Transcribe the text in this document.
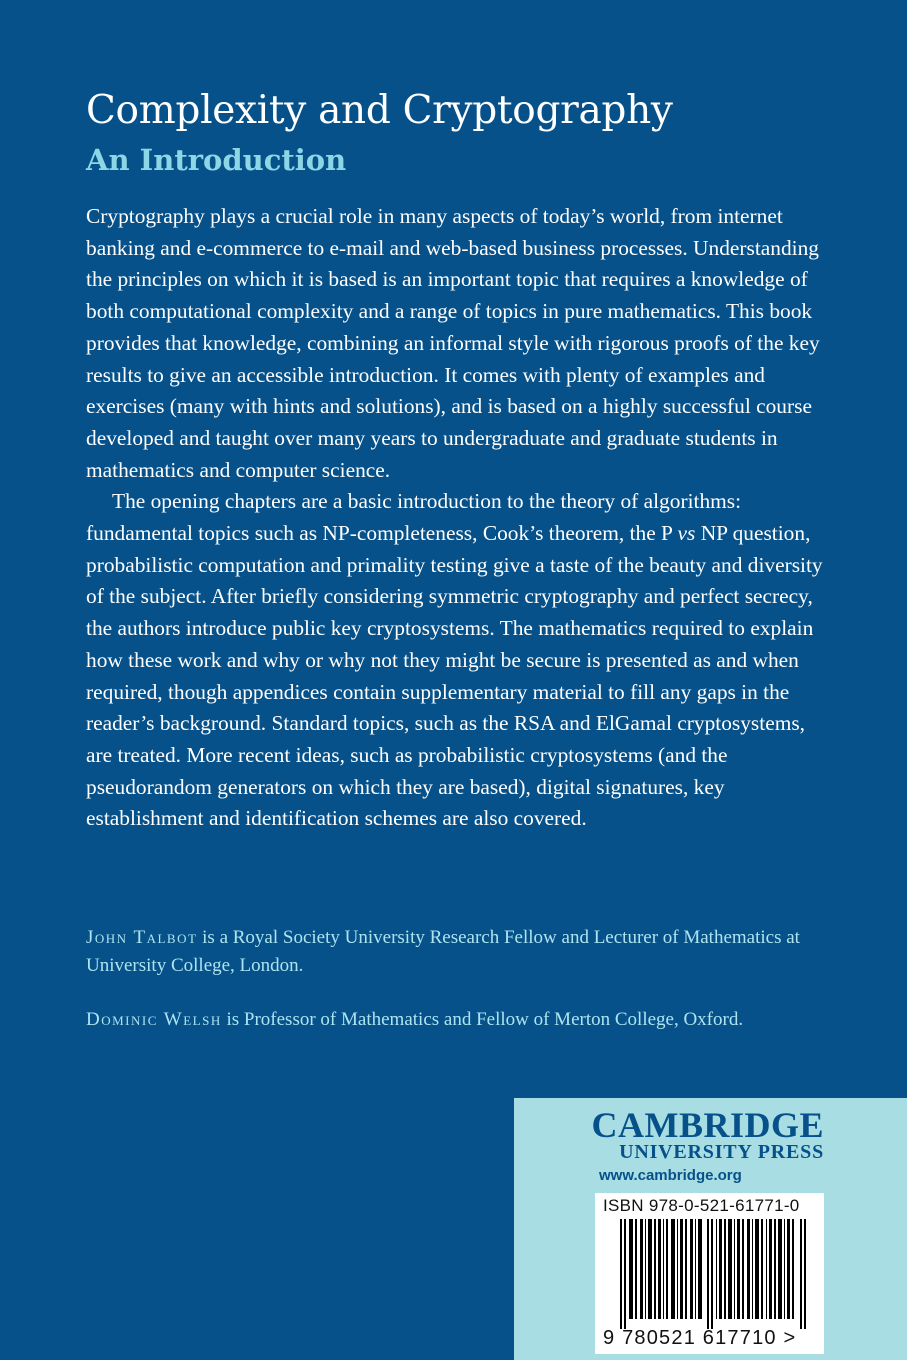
Complexity and Cryptography
An Introduction

Cryptography plays a crucial role in many aspects of today’s world, from internet banking and e-commerce to e-mail and web-based business processes. Understanding the principles on which it is based is an important topic that requires a knowledge of both computational complexity and a range of topics in pure mathematics. This book provides that knowledge, combining an informal style with rigorous proofs of the key results to give an accessible introduction. It comes with plenty of examples and exercises (many with hints and solutions), and is based on a highly successful course developed and taught over many years to undergraduate and graduate students in mathematics and computer science.

The opening chapters are a basic introduction to the theory of algorithms: fundamental topics such as NP-completeness, Cook’s theorem, the P vs NP question, probabilistic computation and primality testing give a taste of the beauty and diversity of the subject. After briefly considering symmetric cryptography and perfect secrecy, the authors introduce public key cryptosystems. The mathematics required to explain how these work and why or why not they might be secure is presented as and when required, though appendices contain supplementary material to fill any gaps in the reader’s background. Standard topics, such as the RSA and ElGamal cryptosystems, are treated. More recent ideas, such as probabilistic cryptosystems (and the pseudorandom generators on which they are based), digital signatures, key establishment and identification schemes are also covered.

John Talbot is a Royal Society University Research Fellow and Lecturer of Mathematics at University College, London.
Dominic Welsh is Professor of Mathematics and Fellow of Merton College, Oxford.
CAMBRIDGE
UNIVERSITY PRESS
www.cambridge.org
ISBN 978-0-521-61771-0
9 780521 617710 >
